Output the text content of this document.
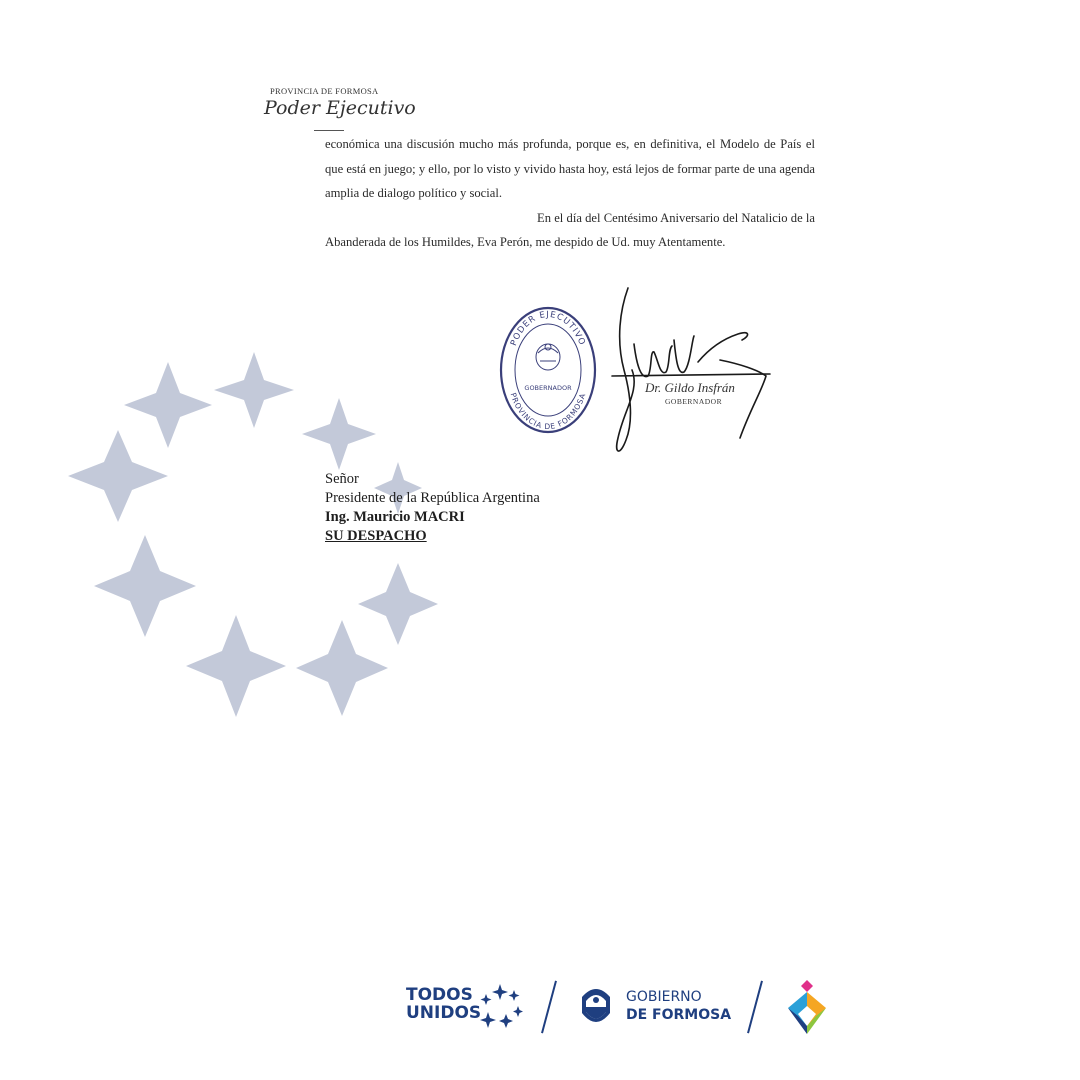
PROVINCIA DE FORMOSA
Poder Ejecutivo

económica una discusión mucho más profunda, porque es, en definitiva, el Modelo de País el que está en juego; y ello, por lo visto y vivido hasta hoy, está lejos de formar parte de una agenda amplia de dialogo político y social.

En el día del Centésimo Aniversario del Natalicio de la Abanderada de los Humildes, Eva Perón, me despido de Ud. muy Atentamente.

PODER EJECUTIVO
PROVINCIA DE FORMOSA
GOBERNADOR	Dr. Gildo Insfrán
GOBERNADOR
Señor
Presidente de la República Argentina
Ing. Mauricio MACRI
SU DESPACHO
TODOS
UNIDOS
GOBIERNO
DE FORMOSA
